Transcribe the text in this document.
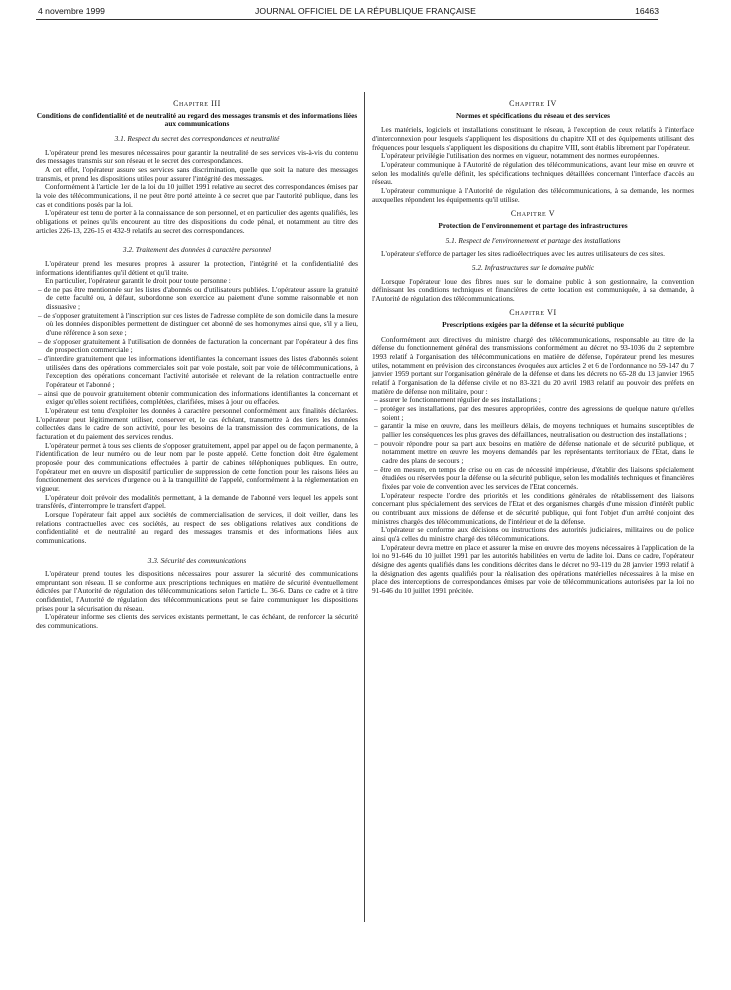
4 novembre 1999	JOURNAL OFFICIEL DE LA RÉPUBLIQUE FRANÇAISE	16463
Chapitre III
Conditions de confidentialité et de neutralité au regard des messages transmis et des informations liées aux communications
3.1. Respect du secret des correspondances et neutralité

L'opérateur prend les mesures nécessaires pour garantir la neutralité de ses services vis-à-vis du contenu des messages transmis sur son réseau et le secret des correspondances.

A cet effet, l'opérateur assure ses services sans discrimination, quelle que soit la nature des messages transmis, et prend les dispositions utiles pour assurer l'intégrité des messages.

Conformément à l'article 1er de la loi du 10 juillet 1991 relative au secret des correspondances émises par la voie des télécommunications, il ne peut être porté atteinte à ce secret que par l'autorité publique, dans les cas et conditions posés par la loi.

L'opérateur est tenu de porter à la connaissance de son personnel, et en particulier des agents qualifiés, les obligations et peines qu'ils encourent au titre des dispositions du code pénal, et notamment au titre des articles 226-13, 226-15 et 432-9 relatifs au secret des correspondances.

3.2. Traitement des données à caractère personnel

L'opérateur prend les mesures propres à assurer la protection, l'intégrité et la confidentialité des informations identifiantes qu'il détient et qu'il traite.

En particulier, l'opérateur garantit le droit pour toute personne :

– de ne pas être mentionnée sur les listes d'abonnés ou d'utilisateurs publiées. L'opérateur assure la gratuité de cette faculté ou, à défaut, subordonne son exercice au paiement d'une somme raisonnable et non dissuasive ;
– de s'opposer gratuitement à l'inscription sur ces listes de l'adresse complète de son domicile dans la mesure où les données disponibles permettent de distinguer cet abonné de ses homonymes ainsi que, s'il y a lieu, d'une référence à son sexe ;
– de s'opposer gratuitement à l'utilisation de données de facturation la concernant par l'opérateur à des fins de prospection commerciale ;
– d'interdire gratuitement que les informations identifiantes la concernant issues des listes d'abonnés soient utilisées dans des opérations commerciales soit par voie postale, soit par voie de télécommunications, à l'exception des opérations concernant l'activité autorisée et relevant de la relation contractuelle entre l'opérateur et l'abonné ;
– ainsi que de pouvoir gratuitement obtenir communication des informations identifiantes la concernant et exiger qu'elles soient rectifiées, complétées, clarifiées, mises à jour ou effacées.

L'opérateur est tenu d'exploiter les données à caractère personnel conformément aux finalités déclarées. L'opérateur peut légitimement utiliser, conserver et, le cas échéant, transmettre à des tiers les données collectées dans le cadre de son activité, pour les besoins de la transmission des communications, de la facturation et du paiement des services rendus.

L'opérateur permet à tous ses clients de s'opposer gratuitement, appel par appel ou de façon permanente, à l'identification de leur numéro ou de leur nom par le poste appelé. Cette fonction doit être également proposée pour des communications effectuées à partir de cabines téléphoniques publiques. En outre, l'opérateur met en œuvre un dispositif particulier de suppression de cette fonction pour les raisons liées au fonctionnement des services d'urgence ou à la tranquillité de l'appelé, conformément à la réglementation en vigueur.

L'opérateur doit prévoir des modalités permettant, à la demande de l'abonné vers lequel les appels sont transférés, d'interrompre le transfert d'appel.

Lorsque l'opérateur fait appel aux sociétés de commercialisation de services, il doit veiller, dans les relations contractuelles avec ces sociétés, au respect de ses obligations relatives aux conditions de confidentialité et de neutralité au regard des messages transmis et des informations liées aux communications.

3.3. Sécurité des communications

L'opérateur prend toutes les dispositions nécessaires pour assurer la sécurité des communications empruntant son réseau. Il se conforme aux prescriptions techniques en matière de sécurité éventuellement édictées par l'Autorité de régulation des télécommunications selon l'article L. 36-6. Dans ce cadre et à titre confidentiel, l'Autorité de régulation des télécommunications peut se faire communiquer les dispositions prises pour la sécurisation du réseau.

L'opérateur informe ses clients des services existants permettant, le cas échéant, de renforcer la sécurité des communications.

Chapitre IV
Normes et spécifications du réseau et des services

Les matériels, logiciels et installations constituant le réseau, à l'exception de ceux relatifs à l'interface d'interconnexion pour lesquels s'appliquent les dispositions du chapitre XII et des équipements utilisant des fréquences pour lesquels s'appliquent les dispositions du chapitre VIII, sont établis librement par l'opérateur.

L'opérateur privilégie l'utilisation des normes en vigueur, notamment des normes européennes.

L'opérateur communique à l'Autorité de régulation des télécommunications, avant leur mise en œuvre et selon les modalités qu'elle définit, les spécifications techniques détaillées concernant l'interface d'accès au réseau.

L'opérateur communique à l'Autorité de régulation des télécommunications, à sa demande, les normes auxquelles répondent les équipements qu'il utilise.

Chapitre V
Protection de l'environnement et partage des infrastructures
5.1. Respect de l'environnement et partage des installations

L'opérateur s'efforce de partager les sites radioélectriques avec les autres utilisateurs de ces sites.

5.2. Infrastructures sur le domaine public

Lorsque l'opérateur loue des fibres nues sur le domaine public à son gestionnaire, la convention définissant les conditions techniques et financières de cette location est communiquée, à sa demande, à l'Autorité de régulation des télécommunications.

Chapitre VI
Prescriptions exigées par la défense et la sécurité publique

Conformément aux directives du ministre chargé des télécommunications, responsable au titre de la défense du fonctionnement général des transmissions conformément au décret no 93-1036 du 2 septembre 1993 relatif à l'organisation des télécommunications en matière de défense, l'opérateur prend les mesures utiles, notamment en prévision des circonstances évoquées aux articles 2 et 6 de l'ordonnance no 59-147 du 7 janvier 1959 portant sur l'organisation générale de la défense et dans les décrets no 65-28 du 13 janvier 1965 relatif à l'organisation de la défense civile et no 83-321 du 20 avril 1983 relatif au pouvoir des préfets en matière de défense non militaire, pour :

– assurer le fonctionnement régulier de ses installations ;
– protéger ses installations, par des mesures appropriées, contre des agressions de quelque nature qu'elles soient ;
– garantir la mise en œuvre, dans les meilleurs délais, de moyens techniques et humains susceptibles de pallier les conséquences les plus graves des défaillances, neutralisation ou destruction des installations ;
– pouvoir répondre pour sa part aux besoins en matière de défense nationale et de sécurité publique, et notamment mettre en œuvre les moyens demandés par les représentants territoriaux de l'Etat, dans le cadre des plans de secours ;
– être en mesure, en temps de crise ou en cas de nécessité impérieuse, d'établir des liaisons spécialement étudiées ou réservées pour la défense ou la sécurité publique, selon les modalités techniques et financières fixées par voie de convention avec les services de l'Etat concernés.

L'opérateur respecte l'ordre des priorités et les conditions générales de rétablissement des liaisons concernant plus spécialement des services de l'Etat et des organismes chargés d'une mission d'intérêt public ou contribuant aux missions de défense et de sécurité publique, qui font l'objet d'un arrêté conjoint des ministres chargés des télécommunications, de l'intérieur et de la défense.

L'opérateur se conforme aux décisions ou instructions des autorités judiciaires, militaires ou de police ainsi qu'à celles du ministre chargé des télécommunications.

L'opérateur devra mettre en place et assurer la mise en œuvre des moyens nécessaires à l'application de la loi no 91-646 du 10 juillet 1991 par les autorités habilitées en vertu de ladite loi. Dans ce cadre, l'opérateur désigne des agents qualifiés dans les conditions décrites dans le décret no 93-119 du 28 janvier 1993 relatif à la désignation des agents qualifiés pour la réalisation des opérations matérielles nécessaires à la mise en place des interceptions de correspondances émises par voie de télécommunications autorisées par la loi no 91-646 du 10 juillet 1991 précitée.
